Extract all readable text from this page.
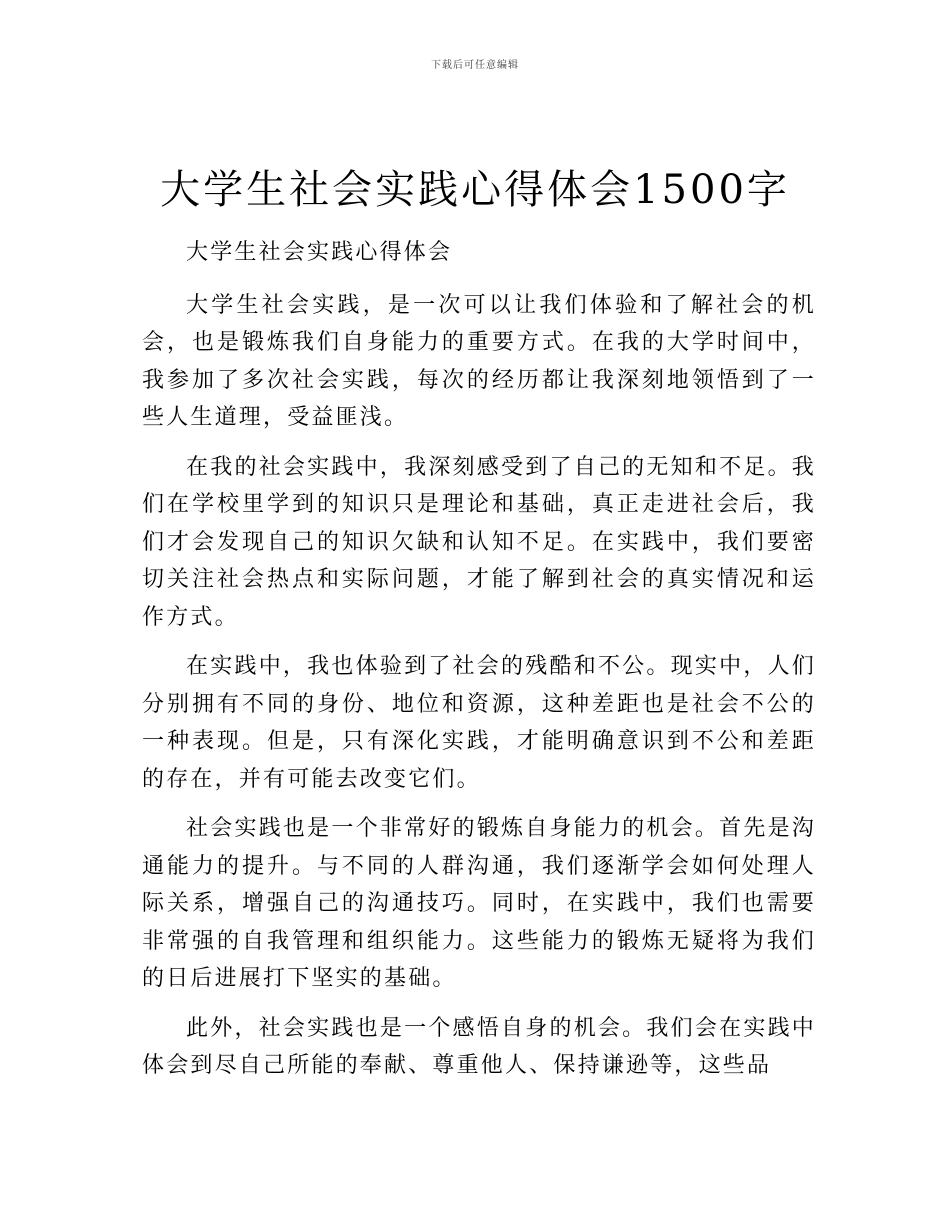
下载后可任意编辑
大学生社会实践心得体会1500字

大学生社会实践心得体会

大学生社会实践，是一次可以让我们体验和了解社会的机会，也是锻炼我们自身能力的重要方式。在我的大学时间中，我参加了多次社会实践，每次的经历都让我深刻地领悟到了一些人生道理，受益匪浅。

在我的社会实践中，我深刻感受到了自己的无知和不足。我们在学校里学到的知识只是理论和基础，真正走进社会后，我们才会发现自己的知识欠缺和认知不足。在实践中，我们要密切关注社会热点和实际问题，才能了解到社会的真实情况和运作方式。

在实践中，我也体验到了社会的残酷和不公。现实中，人们分别拥有不同的身份、地位和资源，这种差距也是社会不公的一种表现。但是，只有深化实践，才能明确意识到不公和差距的存在，并有可能去改变它们。

社会实践也是一个非常好的锻炼自身能力的机会。首先是沟通能力的提升。与不同的人群沟通，我们逐渐学会如何处理人际关系，增强自己的沟通技巧。同时，在实践中，我们也需要非常强的自我管理和组织能力。这些能力的锻炼无疑将为我们的日后进展打下坚实的基础。

此外，社会实践也是一个感悟自身的机会。我们会在实践中体会到尽自己所能的奉献、尊重他人、保持谦逊等，这些品
